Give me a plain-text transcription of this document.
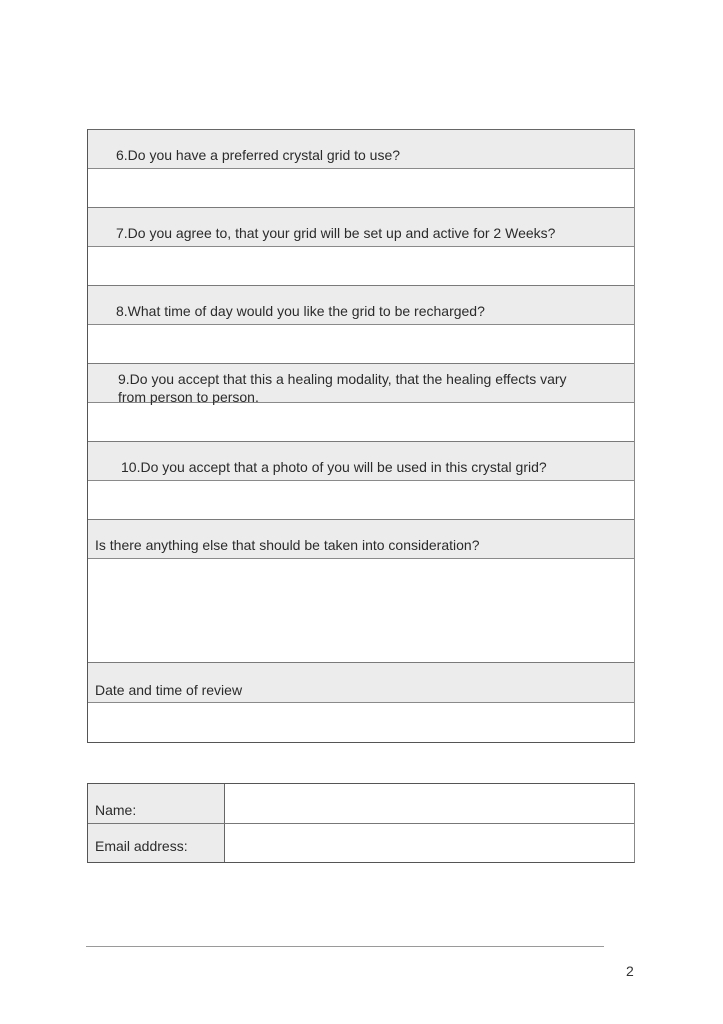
6.Do you have a preferred crystal grid to use?
7.Do you agree to, that your grid will be set up and active for 2 Weeks?
8.What time of day would you like the grid to be recharged?
9.Do you accept that this a healing modality, that the healing effects vary from person to person.
10.Do you accept that a photo of you will be used in this crystal grid?
Is there anything else that should be taken into consideration?
Date and time of review
Name:
Email address:
2
